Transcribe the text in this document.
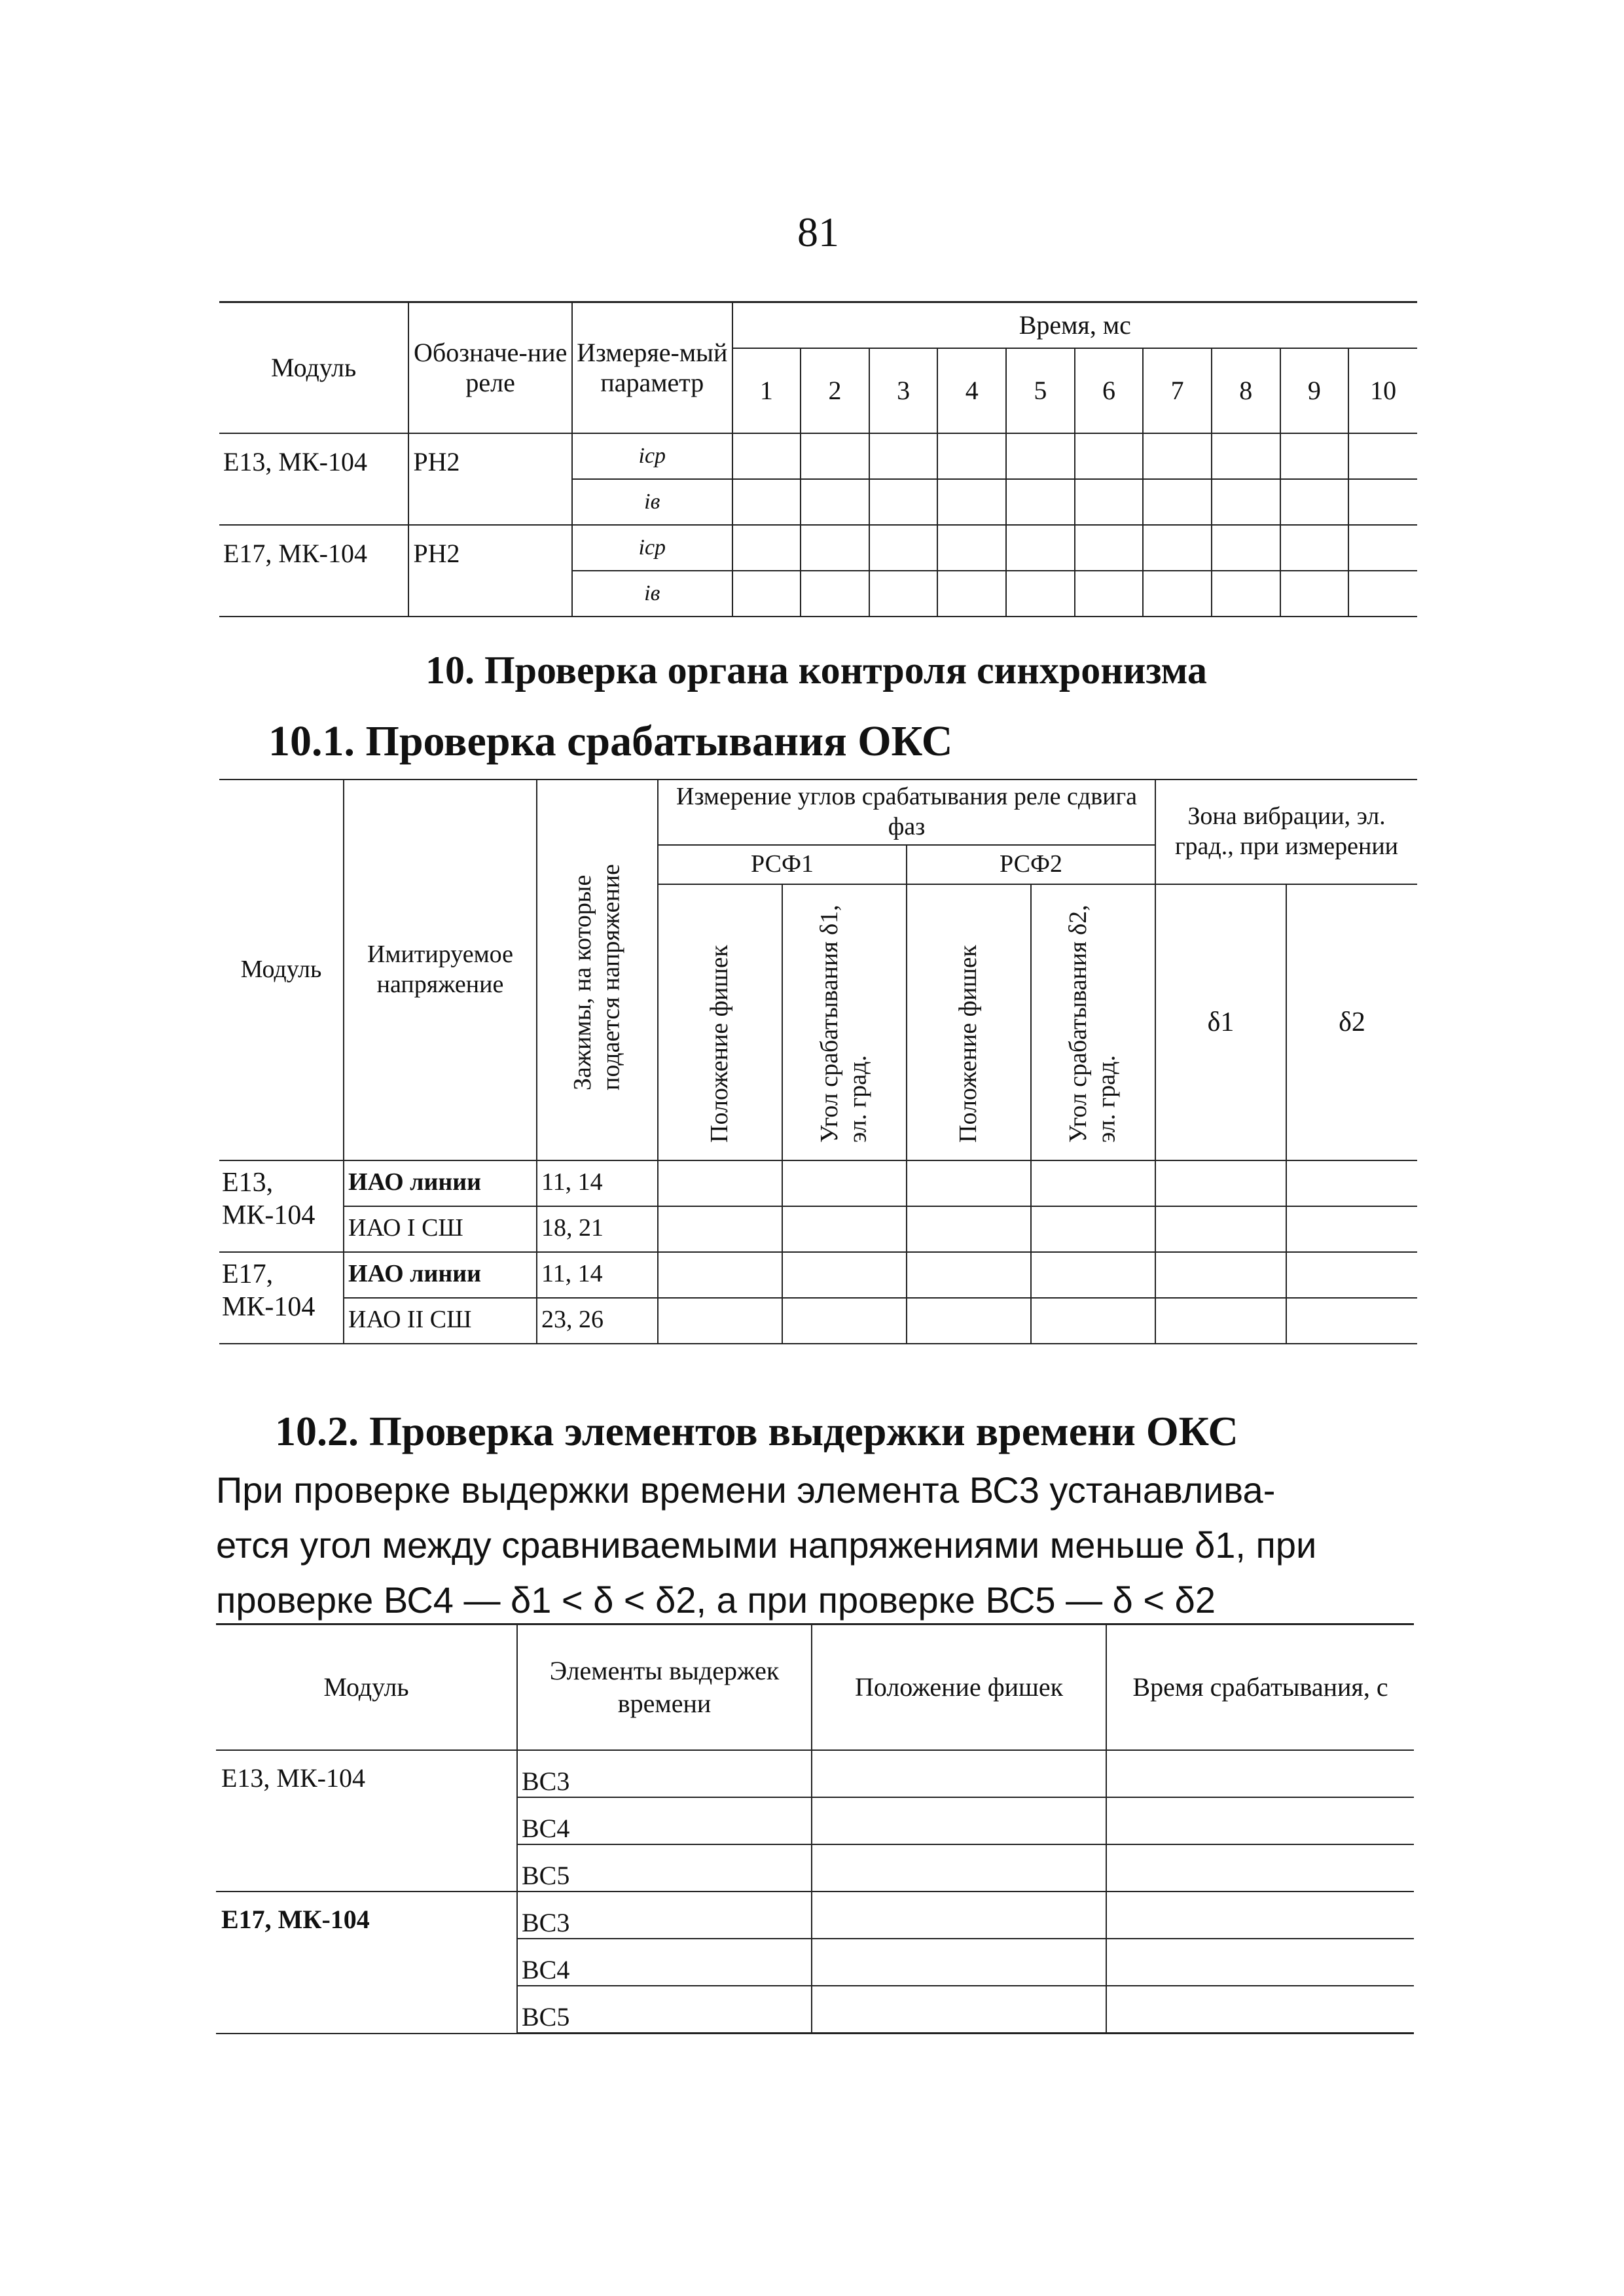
81
Модуль	Обозначе-ние реле	Измеряе-мый параметр	Время, мс									
			1	2	3	4	5	6	7	8	9	10
Е13, МК-104	РН2	iср										
		iв										
Е17, МК-104	РН2	iср										
		iв										
10. Проверка органа контроля синхронизма
10.1. Проверка срабатывания ОКС
Модуль	Имитируемое напряжение	Зажимы, на которые подается напряжение	Измерение углов срабатывания реле сдвига фаз				Зона вибрации, эл. град., при измерении	
			РСФ1		РСФ2			
			Положение фишек	Угол срабатывания δ1, эл. град.	Положение фишек	Угол срабатывания δ2, эл. град.	δ1	δ2
Е13, МК-104	ИАО линии	11, 14						
	ИАО I СШ	18, 21						
Е17, МК-104	ИАО линии	11, 14						
	ИАО II СШ	23, 26						
10.2. Проверка элементов выдержки времени ОКС
При проверке выдержки времени элемента ВС3 устанавлива-
ется угол между сравниваемыми напряжениями меньше δ1, при
проверке ВС4 — δ1 < δ < δ2, а при проверке ВС5 — δ < δ2
Модуль	Элементы выдержек времени	Положение фишек	Время срабатывания, с
Е13, МК-104	ВС3		
	ВС4		
	ВС5		
Е17, МК-104	ВС3		
	ВС4		
	ВС5		
